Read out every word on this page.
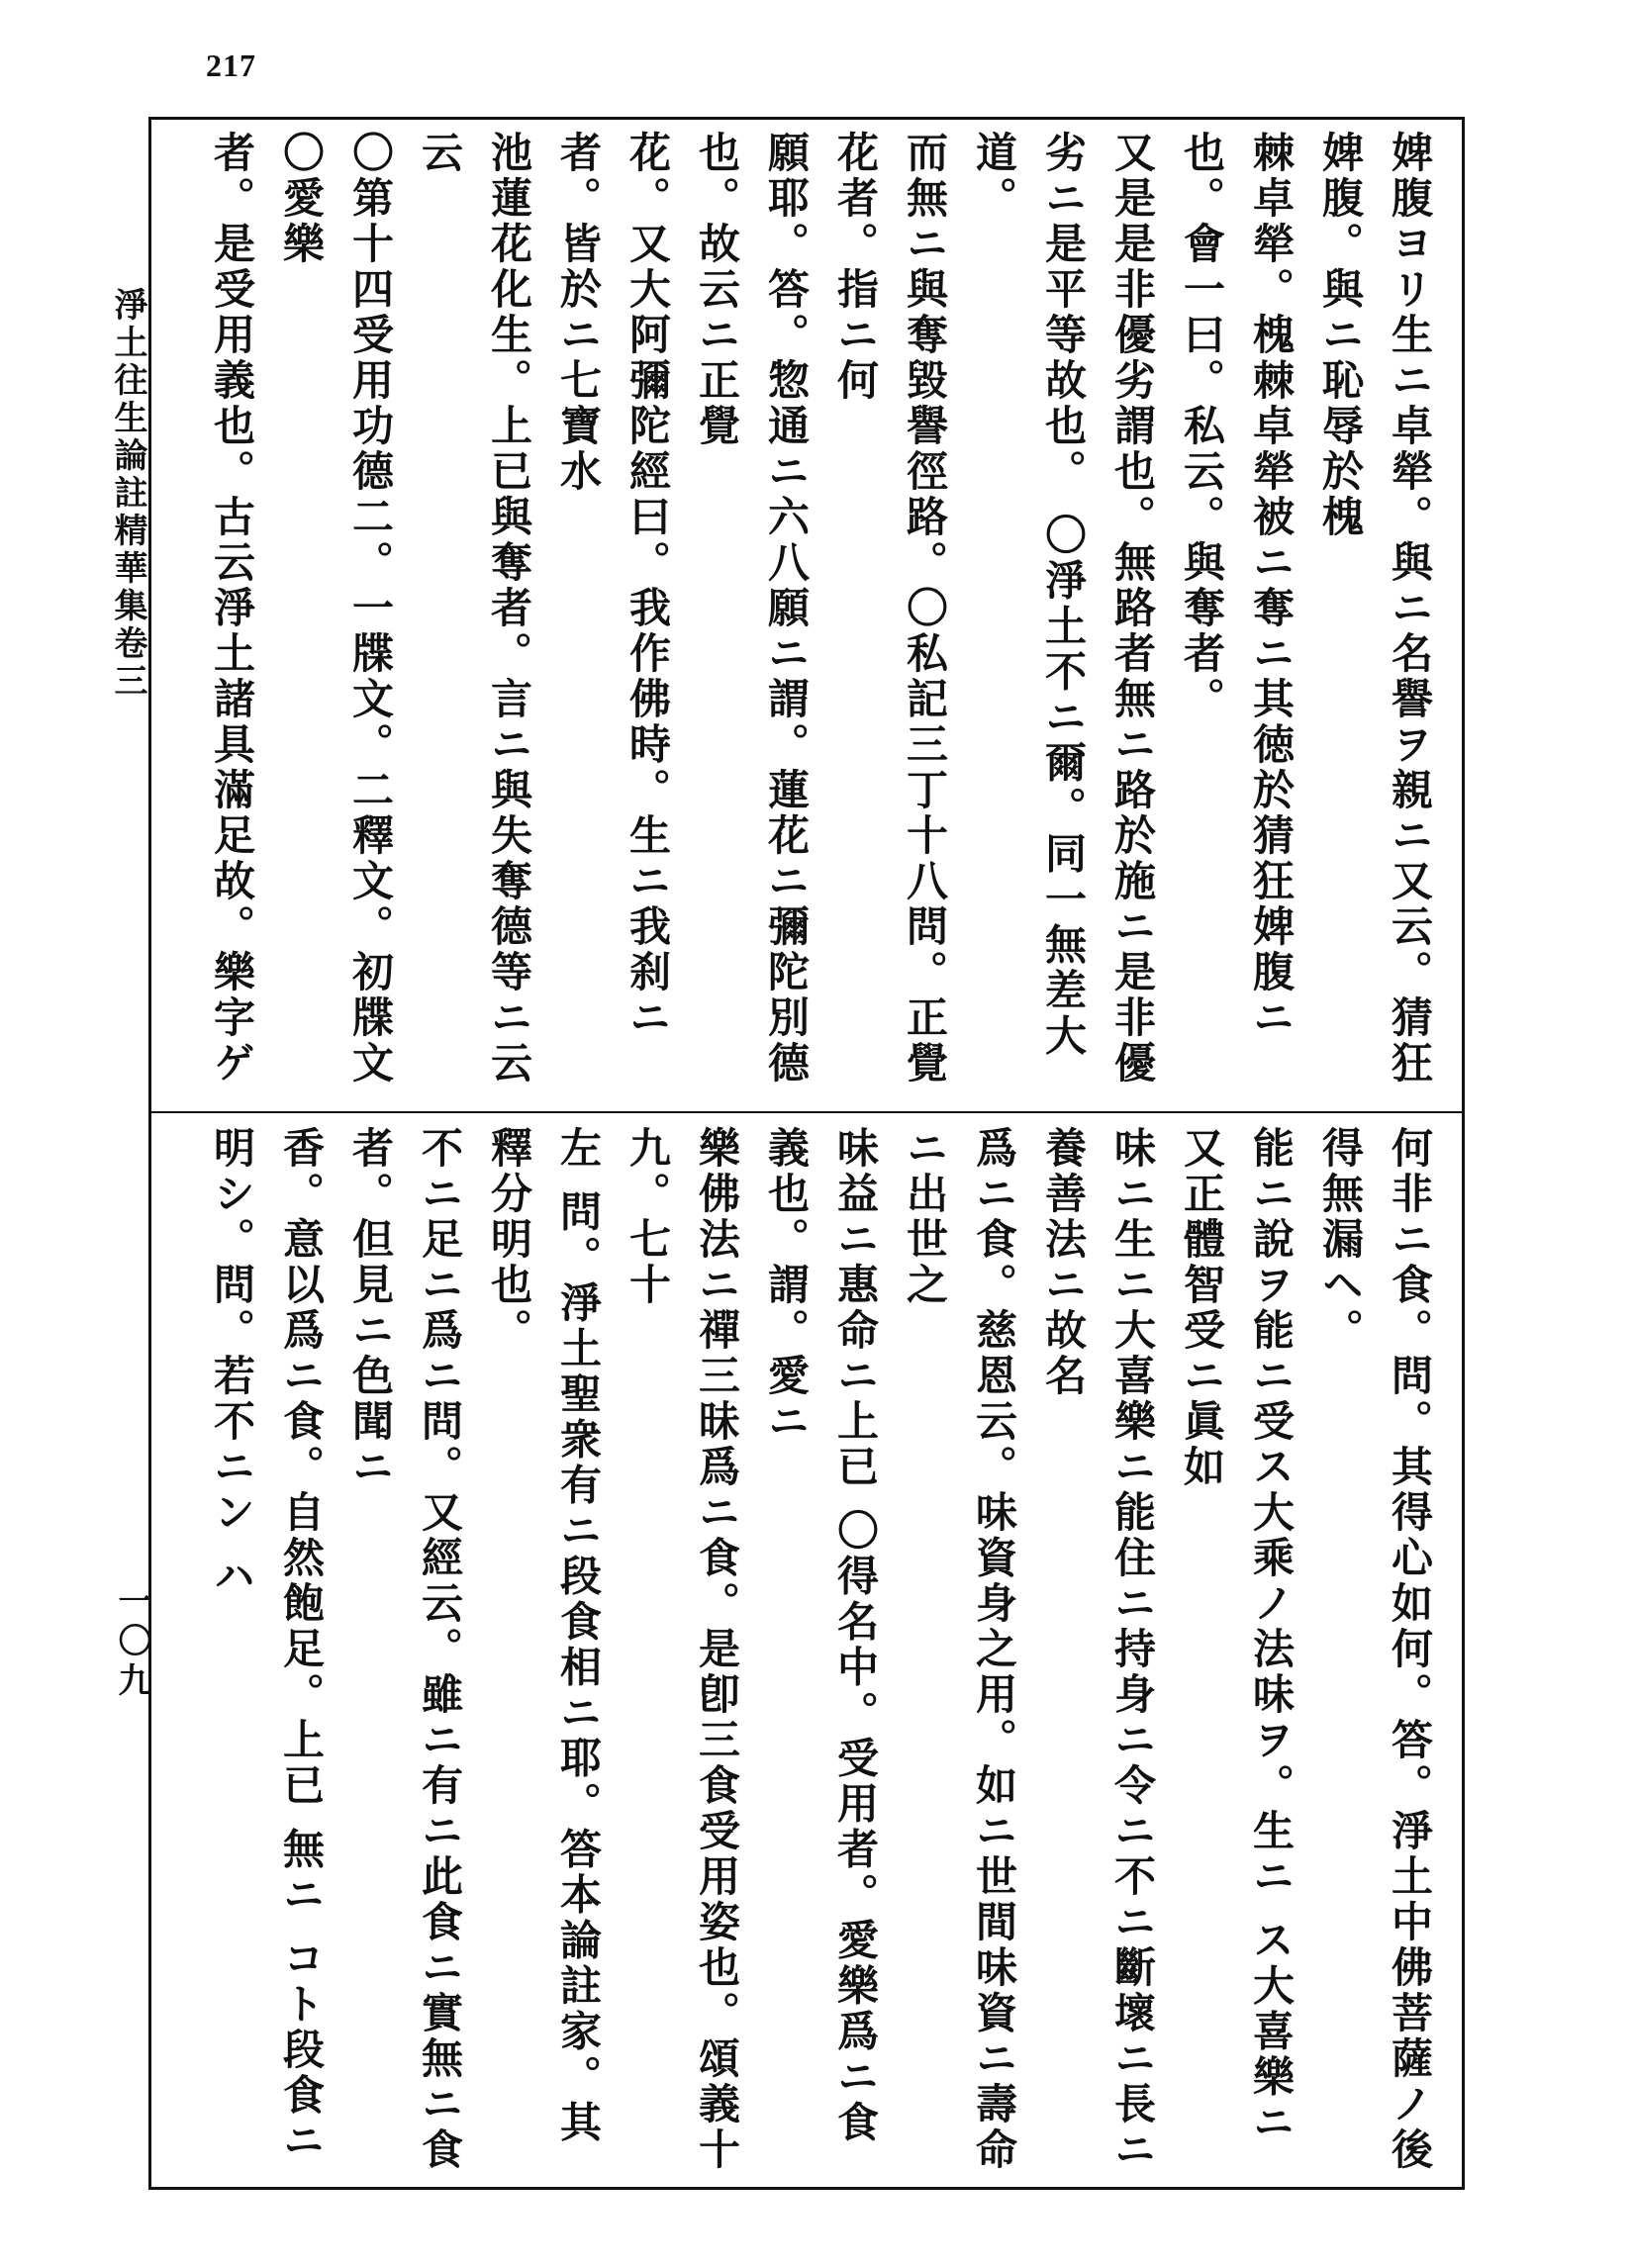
217
淨土往生論註精華集卷三
一〇九
婢腹ヨリ生ニ卓犖。與ニ名譽ヲ親ニ又云。猜狂婢腹。與ニ恥辱於槐
棘卓犖。槐棘卓犖被ニ奪ニ其徳於猜狂婢腹ニ也。會一曰。私云。與奪者。
又是是非優劣謂也。無路者無ニ路於施ニ是非優劣ニ是平等故也。 〇淨土不ニ爾。同一無差大道。
而無ニ與奪毀譽徑路。〇私記三丁十八問。正覺花者。指ニ何
願耶。答。惣通ニ六八願ニ謂。蓮花ニ彌陀別德也。故云ニ正覺
花。又大阿彌陀經曰。我作佛時。生ニ我刹ニ者。皆於ニ七寶水
池蓮花化生。上已與奪者。言ニ與失奪德等ニ云云
〇第十四受用功德二。一牒文。二釋文。初牒文〇愛樂
者。是受用義也。古云淨土諸具滿足故。樂字ゲ
何非ニ食。問。其得心如何。答。淨土中佛菩薩ノ後得無漏ヘ。
能ニ說ヲ能ニ受ス大乘ノ法味ヲ。生ニ ス大喜樂ニ又正體智受ニ眞如
味ニ生ニ大喜樂ニ能住ニ持身ニ令ニ不ニ斷壞ニ長ニ養善法ニ故名
爲ニ食。慈恩云。味資身之用。如ニ世間味資ニ壽命ニ出世之
味益ニ惠命ニ上已 〇得名中。受用者。愛樂爲ニ食義也。謂。愛ニ
樂佛法ニ禪三昧爲ニ食。是卽三食受用姿也。頌義十九。七十
左 問。淨土聖衆有ニ段食相ニ耶。答本論註家。其釋分明也。
不ニ足ニ爲ニ問。又經云。雖ニ有ニ此食ニ實無ニ食者。但見ニ色聞ニ
香。意以爲ニ食。自然飽足。上已 無ニ コト段食ニ明シ。問。若不ニン ハ
